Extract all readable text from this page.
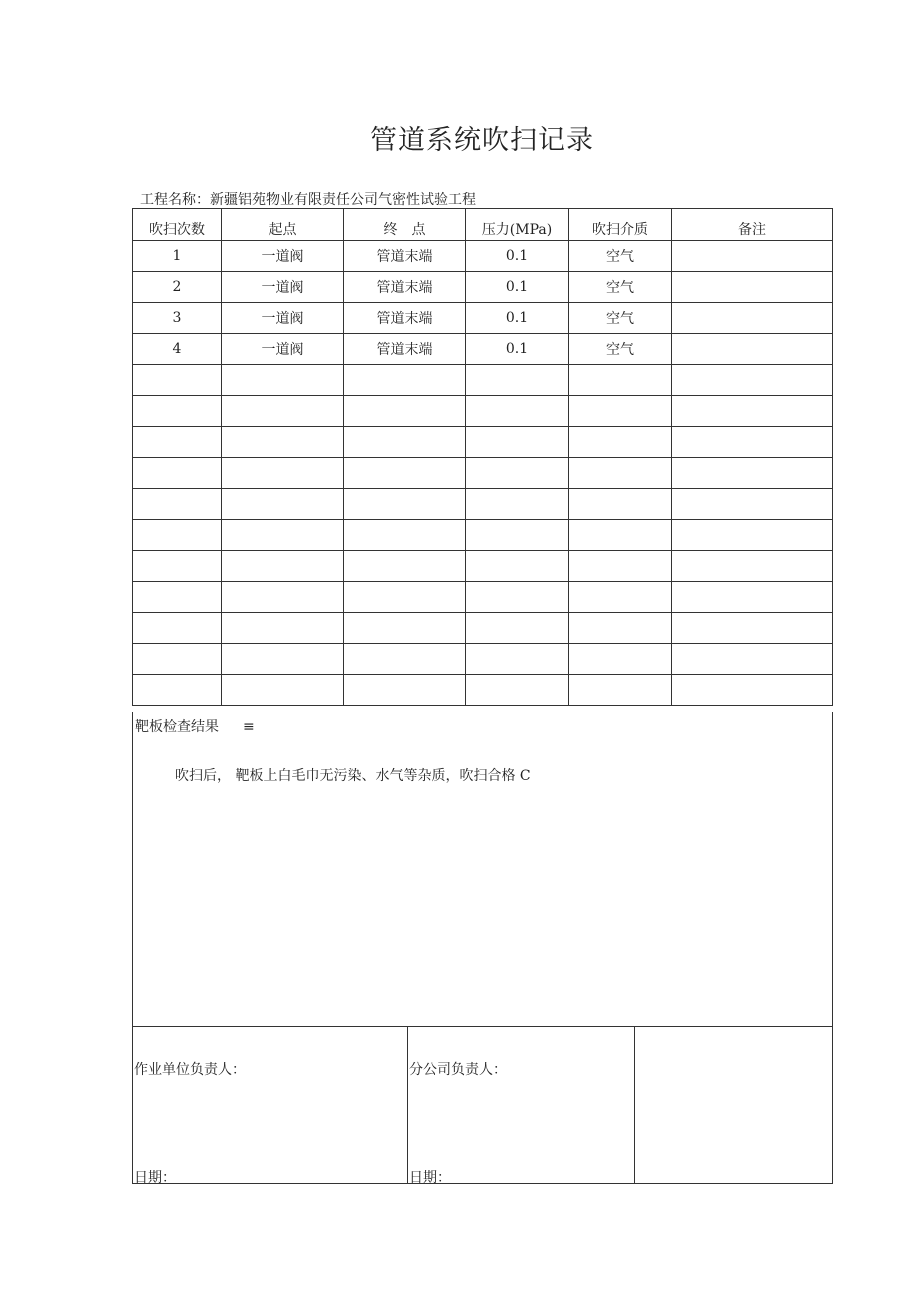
管道系统吹扫记录
工程名称：新疆铝苑物业有限责任公司气密性试验工程
吹扫次数	起点	终　点	压力(MPa)	吹扫介质	备注
1	一道阀	管道末端	0.1	空气	
2	一道阀	管道末端	0.1	空气	
3	一道阀	管道末端	0.1	空气	
4	一道阀	管道末端	0.1	空气	

靶板检查结果 ≡
吹扫后， 靶板上白毛巾无污染、水气等杂质，吹扫合格 C
作业单位负责人：
日期：

分公司负责人：
日期：
